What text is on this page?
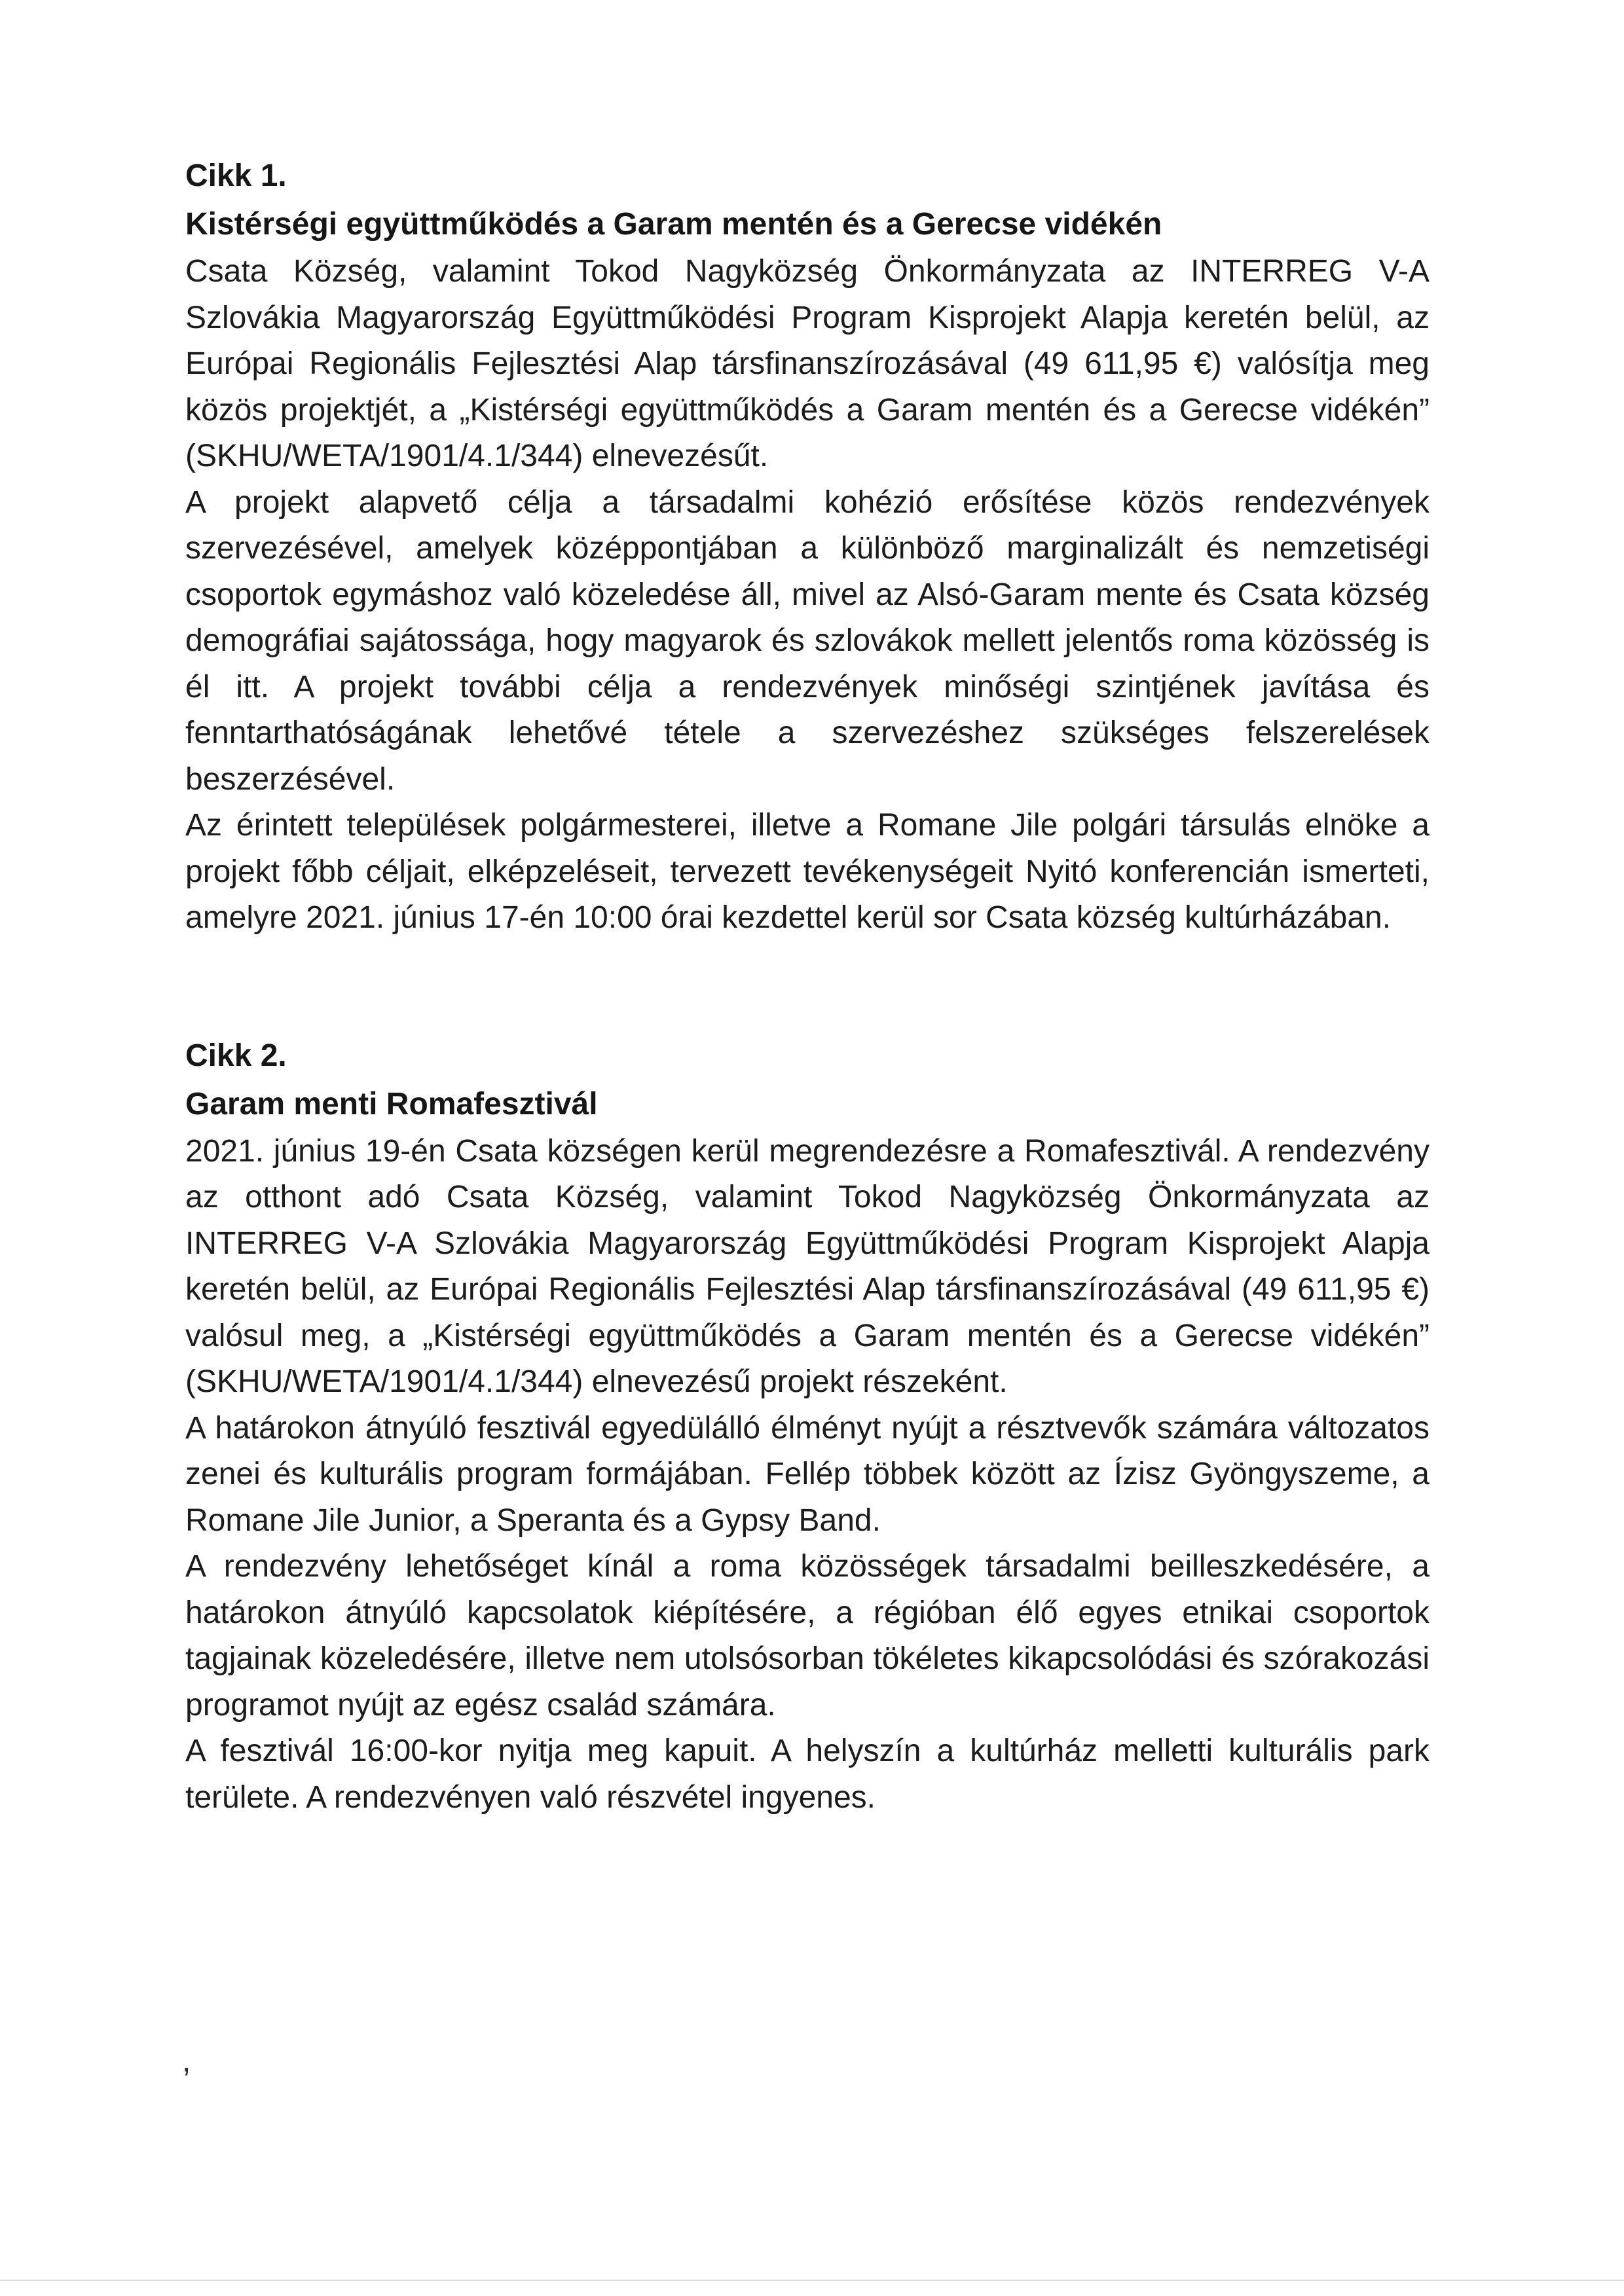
Cikk 1.

Kistérségi együttműködés a Garam mentén és a Gerecse vidékén

Csata Község, valamint Tokod Nagyközség Önkormányzata az INTERREG V-A Szlovákia Magyarország Együttműködési Program Kisprojekt Alapja keretén belül, az Európai Regionális Fejlesztési Alap társfinanszírozásával (49 611,95 €) valósítja meg közös projektjét, a „Kistérségi együttműködés a Garam mentén és a Gerecse vidékén” (SKHU/WETA/1901/4.1/344) elnevezésűt.

A projekt alapvető célja a társadalmi kohézió erősítése közös rendezvények szervezésével, amelyek középpontjában a különböző marginalizált és nemzetiségi csoportok egymáshoz való közeledése áll, mivel az Alsó-Garam mente és Csata község demográfiai sajátossága, hogy magyarok és szlovákok mellett jelentős roma közösség is él itt. A projekt további célja a rendezvények minőségi szintjének javítása és fenntarthatóságának lehetővé tétele a szervezéshez szükséges felszerelések beszerzésével.

Az érintett települések polgármesterei, illetve a Romane Jile polgári társulás elnöke a projekt főbb céljait, elképzeléseit, tervezett tevékenységeit Nyitó konferencián ismerteti, amelyre 2021. június 17-én 10:00 órai kezdettel kerül sor Csata község kultúrházában.

Cikk 2.

Garam menti Romafesztivál

2021. június 19-én Csata községen kerül megrendezésre a Romafesztivál. A rendezvény az otthont adó Csata Község, valamint Tokod Nagyközség Önkormányzata az INTERREG V-A Szlovákia Magyarország Együttműködési Program Kisprojekt Alapja keretén belül, az Európai Regionális Fejlesztési Alap társfinanszírozásával (49 611,95 €) valósul meg, a „Kistérségi együttműködés a Garam mentén és a Gerecse vidékén” (SKHU/WETA/1901/4.1/344) elnevezésű projekt részeként.

A határokon átnyúló fesztivál egyedülálló élményt nyújt a résztvevők számára változatos zenei és kulturális program formájában. Fellép többek között az Ízisz Gyöngyszeme, a Romane Jile Junior, a Speranta és a Gypsy Band.

A rendezvény lehetőséget kínál a roma közösségek társadalmi beilleszkedésére, a határokon átnyúló kapcsolatok kiépítésére, a régióban élő egyes etnikai csoportok tagjainak közeledésére, illetve nem utolsósorban tökéletes kikapcsolódási és szórakozási programot nyújt az egész család számára.

A fesztivál 16:00-kor nyitja meg kapuit. A helyszín a kultúrház melletti kulturális park területe. A rendezvényen való részvétel ingyenes.

,
